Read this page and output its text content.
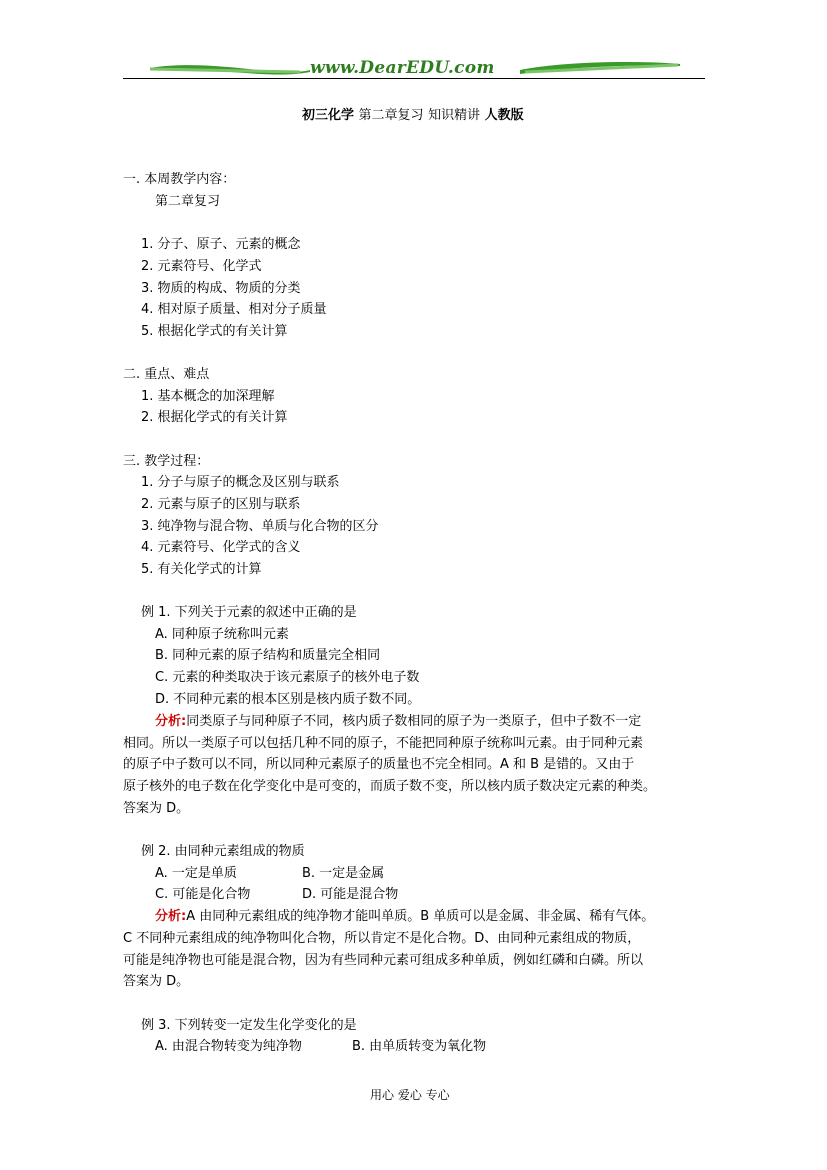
www.DearEDU.com
初三化学 第二章复习 知识精讲 人教版
一. 本周教学内容：
第二章复习
1. 分子、原子、元素的概念
2. 元素符号、化学式
3. 物质的构成、物质的分类
4. 相对原子质量、相对分子质量
5. 根据化学式的有关计算
二. 重点、难点
1. 基本概念的加深理解
2. 根据化学式的有关计算
三. 教学过程：
1. 分子与原子的概念及区别与联系
2. 元素与原子的区别与联系
3. 纯净物与混合物、单质与化合物的区分
4. 元素符号、化学式的含义
5. 有关化学式的计算
例 1. 下列关于元素的叙述中正确的是
A. 同种原子统称叫元素
B. 同种元素的原子结构和质量完全相同
C. 元素的种类取决于该元素原子的核外电子数
D. 不同种元素的根本区别是核内质子数不同。
分析:同类原子与同种原子不同，核内质子数相同的原子为一类原子，但中子数不一定
相同。所以一类原子可以包括几种不同的原子，不能把同种原子统称叫元素。由于同种元素
的原子中子数可以不同，所以同种元素原子的质量也不完全相同。A 和 B 是错的。又由于
原子核外的电子数在化学变化中是可变的，而质子数不变，所以核内质子数决定元素的种类。
答案为 D。
例 2. 由同种元素组成的物质
A. 一定是单质	B. 一定是金属
C. 可能是化合物	D. 可能是混合物
分析:A 由同种元素组成的纯净物才能叫单质。B 单质可以是金属、非金属、稀有气体。
C 不同种元素组成的纯净物叫化合物，所以肯定不是化合物。D、由同种元素组成的物质，
可能是纯净物也可能是混合物，因为有些同种元素可组成多种单质，例如红磷和白磷。所以
答案为 D。
例 3. 下列转变一定发生化学变化的是
A. 由混合物转变为纯净物	B. 由单质转变为氧化物
用心 爱心 专心
